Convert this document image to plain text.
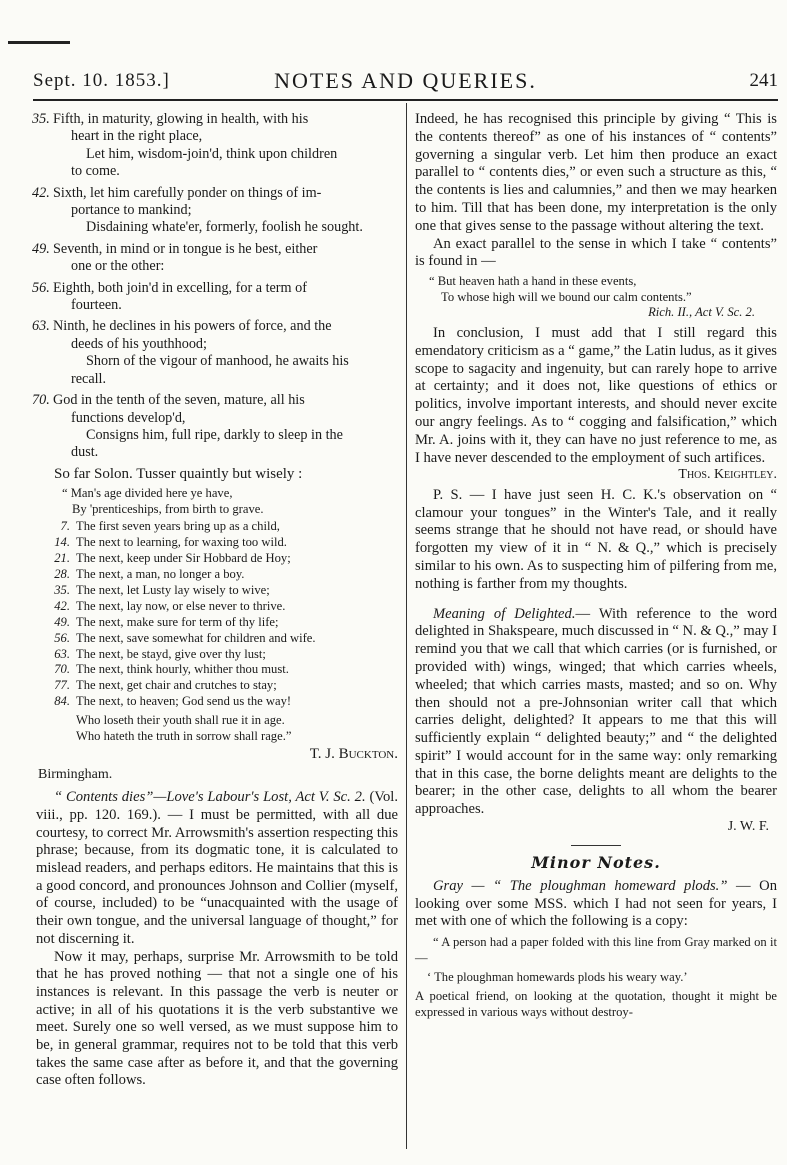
Sept. 10. 1853.]	NOTES AND QUERIES.	241
35. Fifth, in maturity, glowing in health, with his
heart in the right place,
Let him, wisdom-join'd, think upon children
to come.
42. Sixth, let him carefully ponder on things of im-
portance to mankind;
Disdaining whate'er, formerly, foolish he sought.
49. Seventh, in mind or in tongue is he best, either
one or the other:
56. Eighth, both join'd in excelling, for a term of
fourteen.
63. Ninth, he declines in his powers of force, and the
deeds of his youthhood;
Shorn of the vigour of manhood, he awaits his
recall.
70. God in the tenth of the seven, mature, all his
functions develop'd,
Consigns him, full ripe, darkly to sleep in the
dust.

So far Solon. Tusser quaintly but wisely :

“ Man's age divided here ye have,
By 'prenticeships, from birth to grave.
7. The first seven years bring up as a child,
14. The next to learning, for waxing too wild.
21. The next, keep under Sir Hobbard de Hoy;
28. The next, a man, no longer a boy.
35. The next, let Lusty lay wisely to wive;
42. The next, lay now, or else never to thrive.
49. The next, make sure for term of thy life;
56. The next, save somewhat for children and wife.
63. The next, be stayd, give over thy lust;
70. The next, think hourly, whither thou must.
77. The next, get chair and crutches to stay;
84. The next, to heaven; God send us the way!
Who loseth their youth shall rue it in age.
Who hateth the truth in sorrow shall rage.”
T. J. Buckton.
Birmingham.

“ Contents dies”—Love's Labour's Lost, Act V. Sc. 2. (Vol. viii., pp. 120. 169.). — I must be permitted, with all due courtesy, to correct Mr. Arrowsmith's assertion respecting this phrase; because, from its dogmatic tone, it is calculated to mislead readers, and perhaps editors. He maintains that this is a good concord, and pronounces Johnson and Collier (myself, of course, included) to be “unacquainted with the usage of their own tongue, and the universal language of thought,” for not discerning it.

Now it may, perhaps, surprise Mr. Arrowsmith to be told that he has proved nothing — that not a single one of his instances is relevant. In this passage the verb is neuter or active; in all of his quotations it is the verb substantive we meet. Surely one so well versed, as we must suppose him to be, in general grammar, requires not to be told that this verb takes the same case after as before it, and that the governing case often follows.

Indeed, he has recognised this principle by giving “ This is the contents thereof” as one of his instances of “ contents” governing a singular verb. Let him then produce an exact parallel to “ contents dies,” or even such a structure as this, “ the contents is lies and calumnies,” and then we may hearken to him. Till that has been done, my interpretation is the only one that gives sense to the passage without altering the text.

An exact parallel to the sense in which I take “ contents” is found in —

“ But heaven hath a hand in these events,
To whose high will we bound our calm contents.”
Rich. II., Act V. Sc. 2.

In conclusion, I must add that I still regard this emendatory criticism as a “ game,” the Latin ludus, as it gives scope to sagacity and ingenuity, but can rarely hope to arrive at certainty; and it does not, like questions of ethics or politics, involve important interests, and should never excite our angry feelings. As to “ cogging and falsification,” which Mr. A. joins with it, they can have no just reference to me, as I have never descended to the employment of such artifices.

Thos. Keightley.

P. S. — I have just seen H. C. K.'s observation on “ clamour your tongues” in the Winter's Tale, and it really seems strange that he should not have read, or should have forgotten my view of it in “ N. & Q.,” which is precisely similar to his own. As to suspecting him of pilfering from me, nothing is farther from my thoughts.

Meaning of Delighted.— With reference to the word delighted in Shakspeare, much discussed in “ N. & Q.,” may I remind you that we call that which carries (or is furnished, or provided with) wings, winged; that which carries wheels, wheeled; that which carries masts, masted; and so on. Why then should not a pre-Johnsonian writer call that which carries delight, delighted? It appears to me that this will sufficiently explain “ delighted beauty;” and “ the delighted spirit” I would account for in the same way: only remarking that in this case, the borne delights meant are delights to the bearer; in the other case, delights to all whom the bearer approaches.

J. W. F.
Minor Notes.

Gray — “ The ploughman homeward plods.” — On looking over some MSS. which I had not seen for years, I met with one of which the following is a copy:

“ A person had a paper folded with this line from Gray marked on it —

‘ The ploughman homewards plods his weary way.’

A poetical friend, on looking at the quotation, thought it might be expressed in various ways without destroy-
